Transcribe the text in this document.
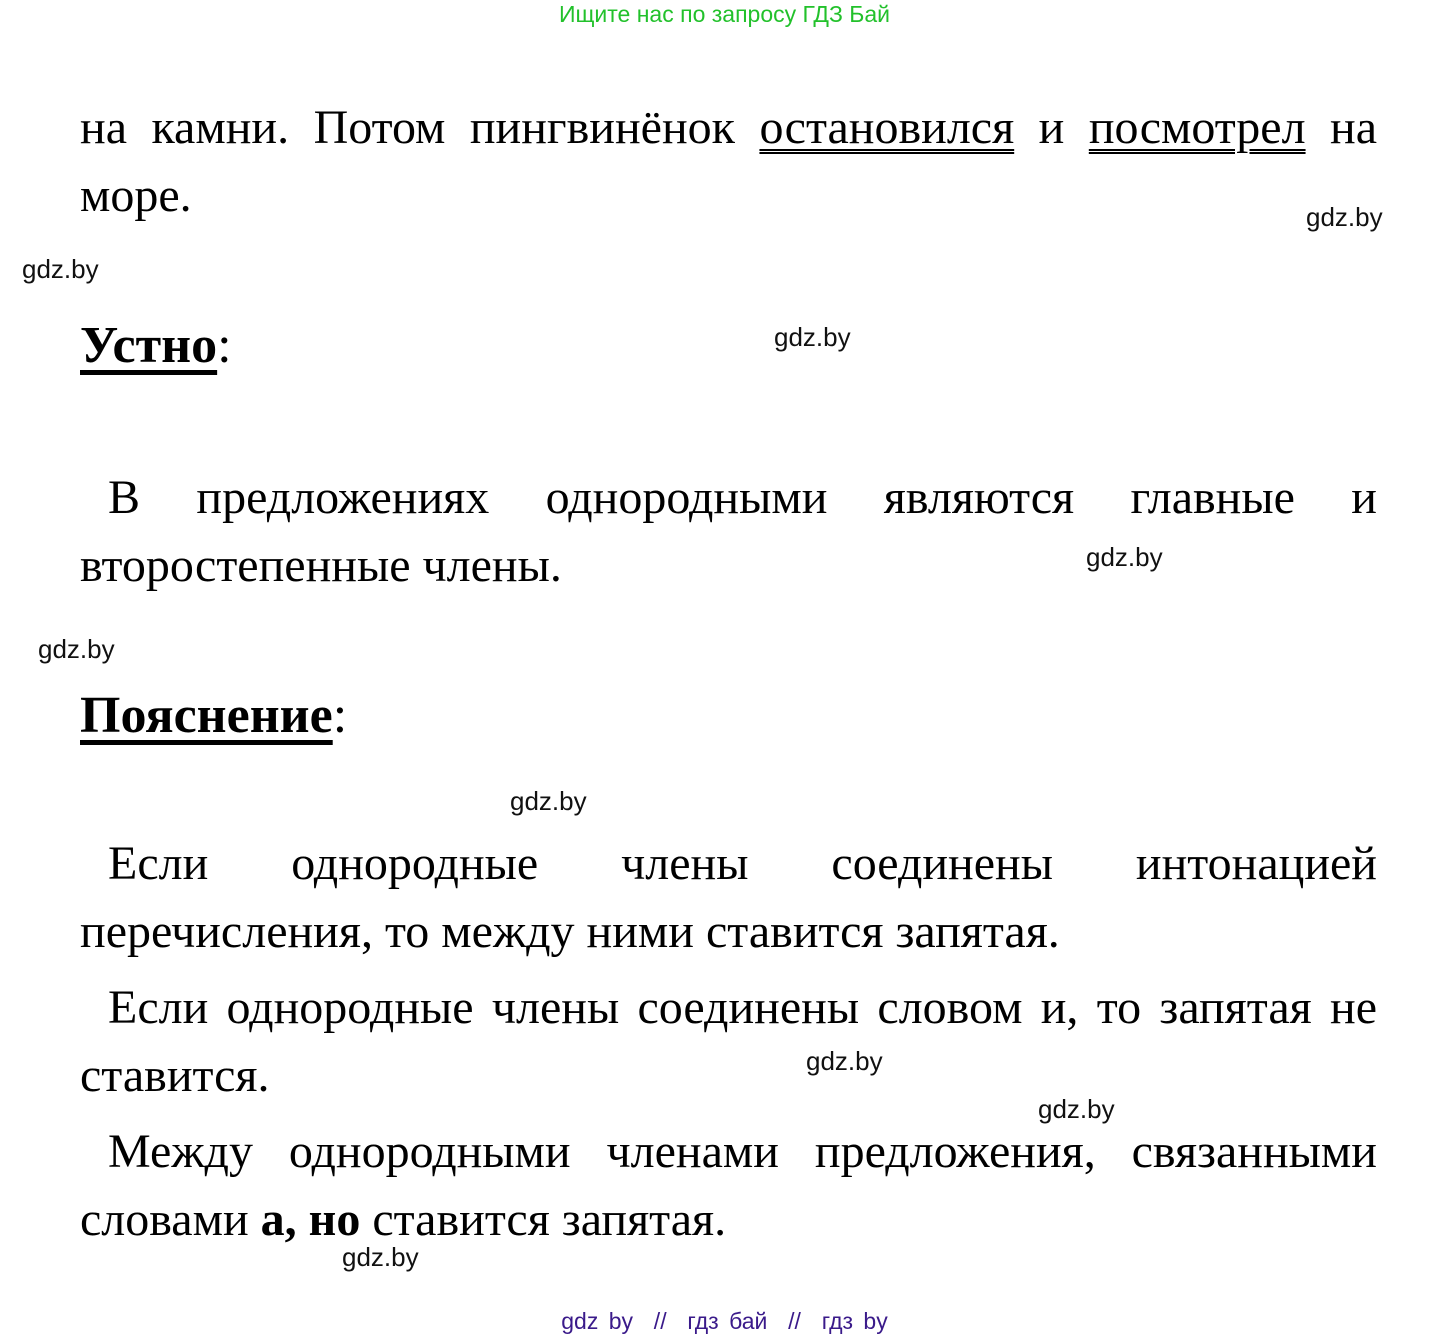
Ищите нас по запросу ГДЗ Бай
на камни. Потом пингвинёнок остановился и посмотрел на море.	gdz.by
gdz.by
Устно:	gdz.by
В предложениях однородными являются главные и второстепенные члены.	gdz.by
gdz.by
Пояснение:
gdz.by
Если однородные члены соединены интонацией перечисления, то между ними ставится запятая.
Если однородные члены соединены словом и, то запятая не ставится.	gdz.by
gdz.by
Между однородными членами предложения, связанными словами а, но ставится запятая.
gdz.by
gdz by  //  гдз бай  //  гдз by
